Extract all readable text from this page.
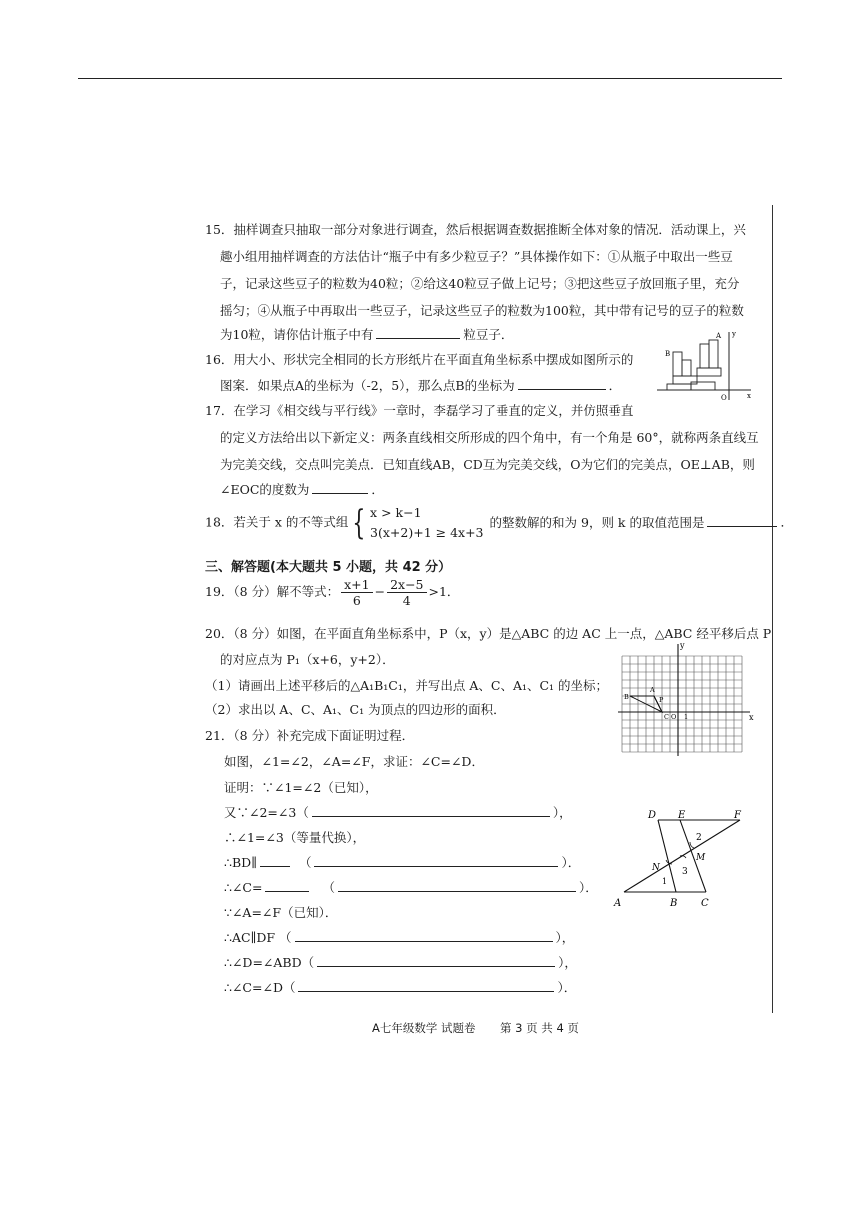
15．抽样调查只抽取一部分对象进行调查，然后根据调查数据推断全体对象的情况．活动课上，兴
趣小组用抽样调查的方法估计“瓶子中有多少粒豆子？”具体操作如下：①从瓶子中取出一些豆
子，记录这些豆子的粒数为40粒；②给这40粒豆子做上记号；③把这些豆子放回瓶子里，充分
摇匀；④从瓶子中再取出一些豆子，记录这些豆子的粒数为100粒，其中带有记号的豆子的粒数
为10粒，请你估计瓶子中有	粒豆子．
16．用大小、形状完全相同的长方形纸片在平面直角坐标系中摆成如图所示的
图案．如果点A的坐标为（-2，5），那么点B的坐标为	．
B
A
O	x
y
17．在学习《相交线与平行线》一章时，李磊学习了垂直的定义，并仿照垂直
的定义方法给出以下新定义：两条直线相交所形成的四个角中，有一个角是 60°，就称两条直线互
为完美交线，交点叫完美点．已知直线AB，CD互为完美交线，O为它们的完美点，OE⊥AB，则
∠EOC的度数为	．
18．若关于 x 的不等式组 { x > k−1
3(x+2)+1 ≥ 4x+3
的整数解的和为 9，则 k 的取值范围是	．
三、解答题(本大题共 5 小题，共 42 分）
19．（8 分）解不等式： $\frac{x+1}{6} - \frac{2x-5}{4} >1$．
20．（8 分）如图，在平面直角坐标系中，P（x，y）是△ABC 的边 AC 上一点，△ABC 经平移后点 P
的对应点为 P₁（x+6，y+2）．
（1）请画出上述平移后的△A₁B₁C₁，并写出点 A、C、A₁、C₁ 的坐标；
（2）求出以 A、C、A₁、C₁ 为顶点的四边形的面积．
y
x
A
B	P
C O 1
21．（8 分）补充完成下面证明过程．
如图，∠1=∠2，∠A=∠F，求证：∠C=∠D．
证明：∵∠1=∠2（已知），
又∵∠2=∠3（	），
∴∠1=∠3（等量代换），
∴BD∥	（	）．
∴∠C=	（	）．
∵∠A=∠F（已知）．
∴AC∥DF （	），
∴∠D=∠ABD（	），
∴∠C=∠D（	）．
D E	F
A	B C
N
M
1
2
3
A七年级数学 试题卷 第 3 页 共 4 页
